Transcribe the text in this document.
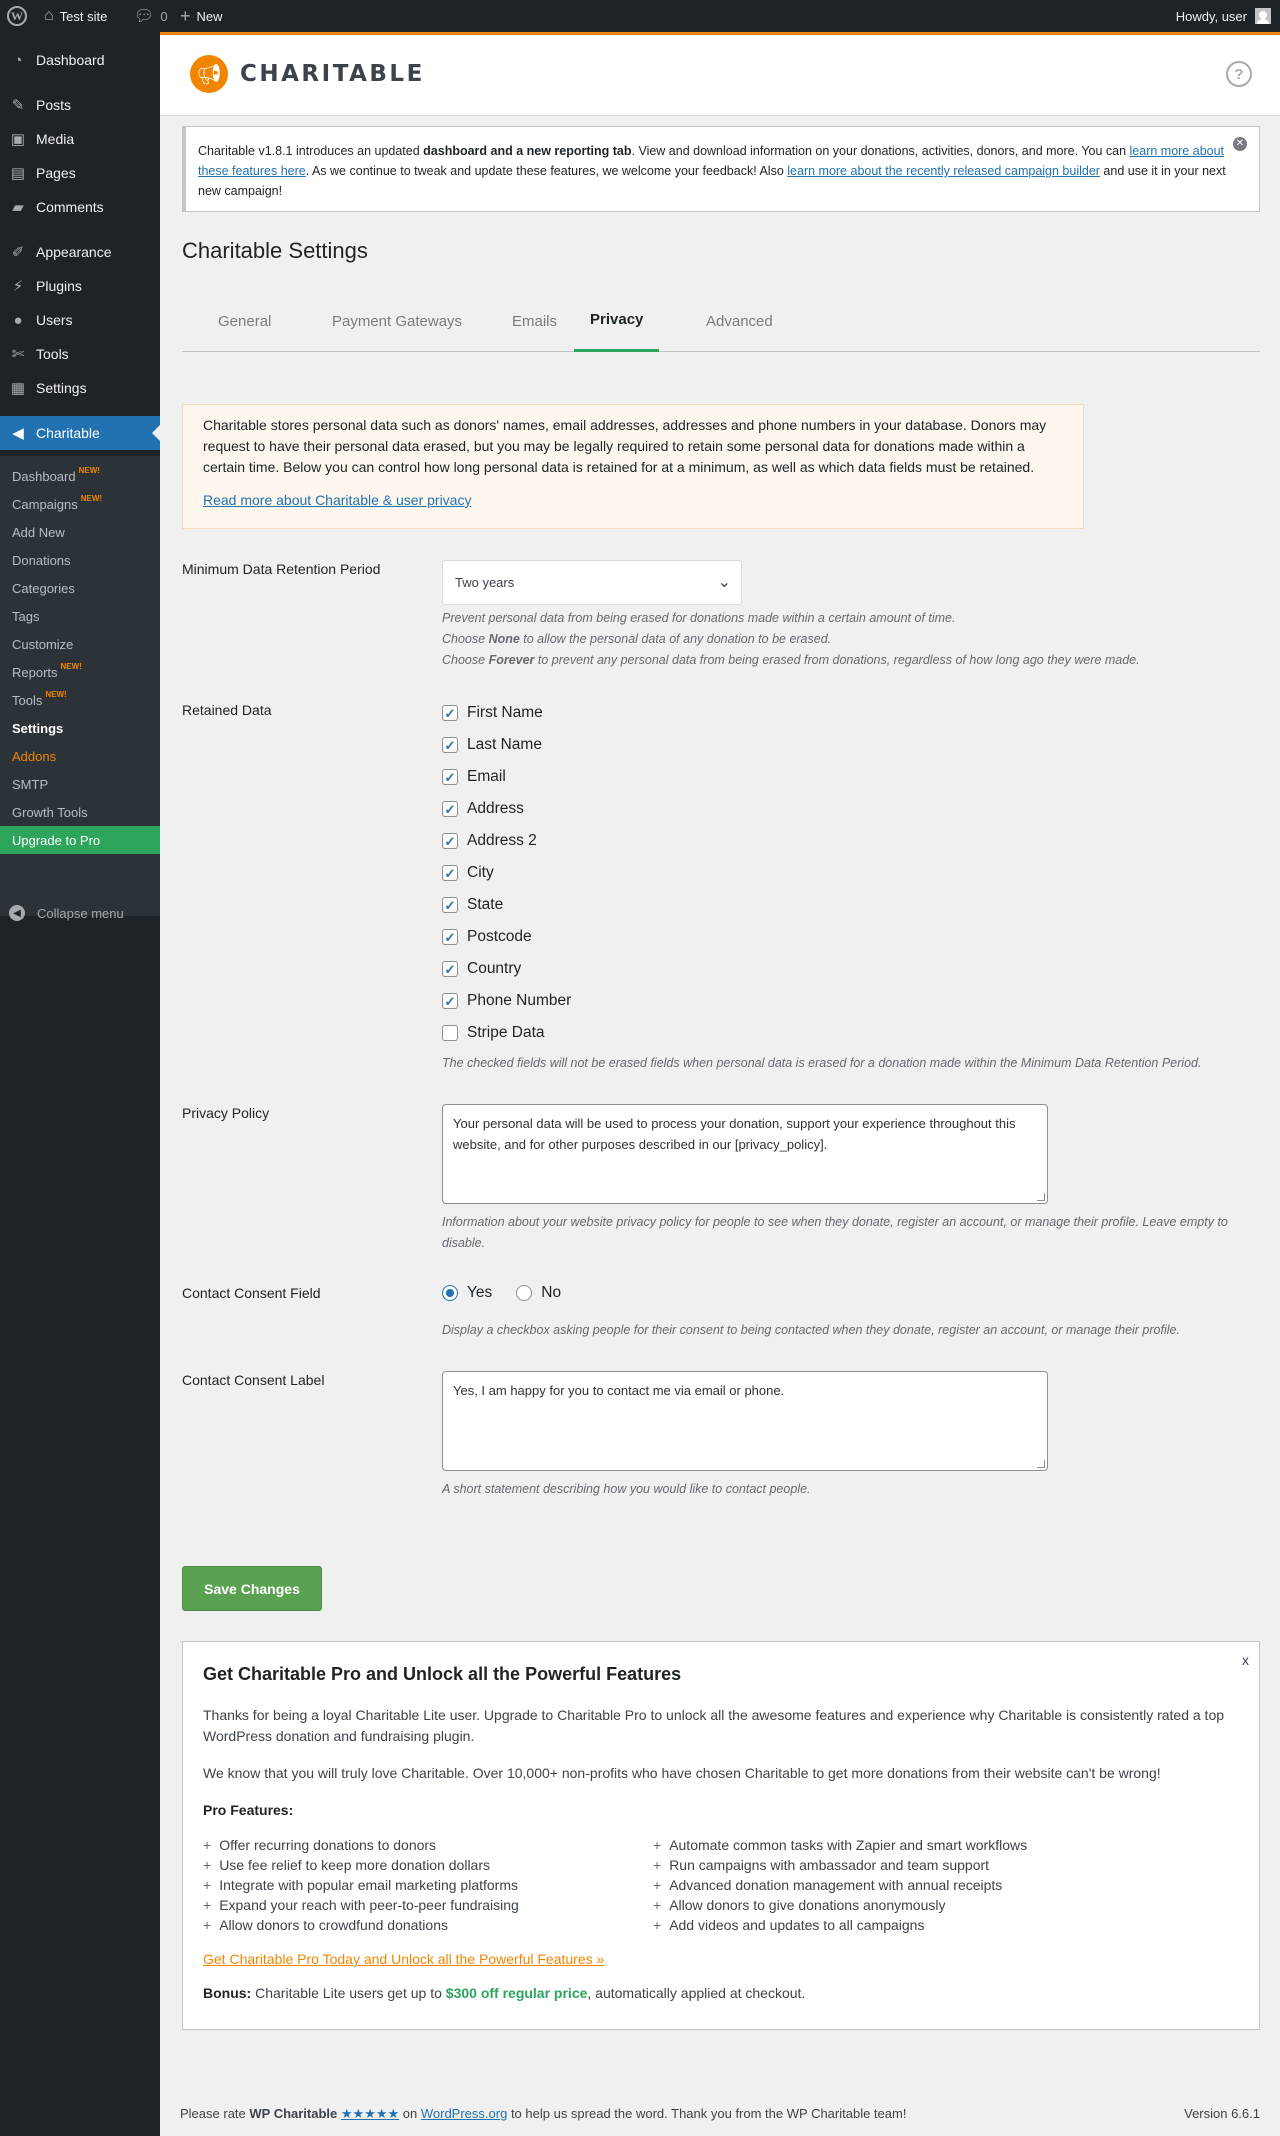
W ⌂ Test site 💬︎ 0 + New	Howdy, user
◔ Dashboard
✎ Posts
▣ Media
▤ Pages
▰ Comments
✐ Appearance
⚡︎ Plugins
● Users
✄ Tools
▦ Settings
◀ Charitable
Dashboard NEW!
Campaigns NEW!
Add New
Donations
Categories
Tags
Customize
Reports NEW!
Tools NEW!
Settings
Addons
SMTP
Growth Tools
Upgrade to Pro
◀	Collapse menu
📢︎ CHARITABLE	?
Charitable v1.8.1 introduces an updated dashboard and a new reporting tab. View and download information on your donations, activities, donors, and more. You can learn more about these features here. As we continue to tweak and update these features, we welcome your feedback! Also learn more about the recently released campaign builder and use it in your next new campaign!
✕
Charitable Settings
General	Payment Gateways	Emails	Privacy	Advanced
Charitable stores personal data such as donors' names, email addresses, addresses and phone numbers in your database. Donors may request to have their personal data erased, but you may be legally required to retain some personal data for donations made within a certain time. Below you can control how long personal data is retained for at a minimum, as well as which data fields must be retained.
Read more about Charitable & user privacy
Minimum Data Retention Period
Two years	⌄
Prevent personal data from being erased for donations made within a certain amount of time.
Choose None to allow the personal data of any donation to be erased.
Choose Forever to prevent any personal data from being erased from donations, regardless of how long ago they were made.
Retained Data	✓ First Name
✓ Last Name
✓ Email
✓ Address
✓ Address 2
✓ City
✓ State
✓ Postcode
✓ Country
✓ Phone Number
Stripe Data
The checked fields will not be erased fields when personal data is erased for a donation made within the Minimum Data Retention Period.
Privacy Policy
Your personal data will be used to process your donation, support your experience throughout this website, and for other purposes described in our [privacy_policy].
Information about your website privacy policy for people to see when they donate, register an account, or manage their profile. Leave empty to disable.
Contact Consent Field	Yes	No
Display a checkbox asking people for their consent to being contacted when they donate, register an account, or manage their profile.
Contact Consent Label
Yes, I am happy for you to contact me via email or phone.
A short statement describing how you would like to contact people.
Save Changes
x
Get Charitable Pro and Unlock all the Powerful Features

Thanks for being a loyal Charitable Lite user. Upgrade to Charitable Pro to unlock all the awesome features and experience why Charitable is consistently rated a top WordPress donation and fundraising plugin.

We know that you will truly love Charitable. Over 10,000+ non-profits who have chosen Charitable to get more donations from their website can't be wrong!

Pro Features:

+ Offer recurring donations to donors
+ Use fee relief to keep more donation dollars
+ Integrate with popular email marketing platforms
+ Expand your reach with peer-to-peer fundraising
+ Allow donors to crowdfund donations
+ Automate common tasks with Zapier and smart workflows
+ Run campaigns with ambassador and team support
+ Advanced donation management with annual receipts
+ Allow donors to give donations anonymously
+ Add videos and updates to all campaigns
Get Charitable Pro Today and Unlock all the Powerful Features »
Bonus: Charitable Lite users get up to $300 off regular price, automatically applied at checkout.
Please rate WP Charitable ★★★★★ on WordPress.org to help us spread the word. Thank you from the WP Charitable team!	Version 6.6.1
